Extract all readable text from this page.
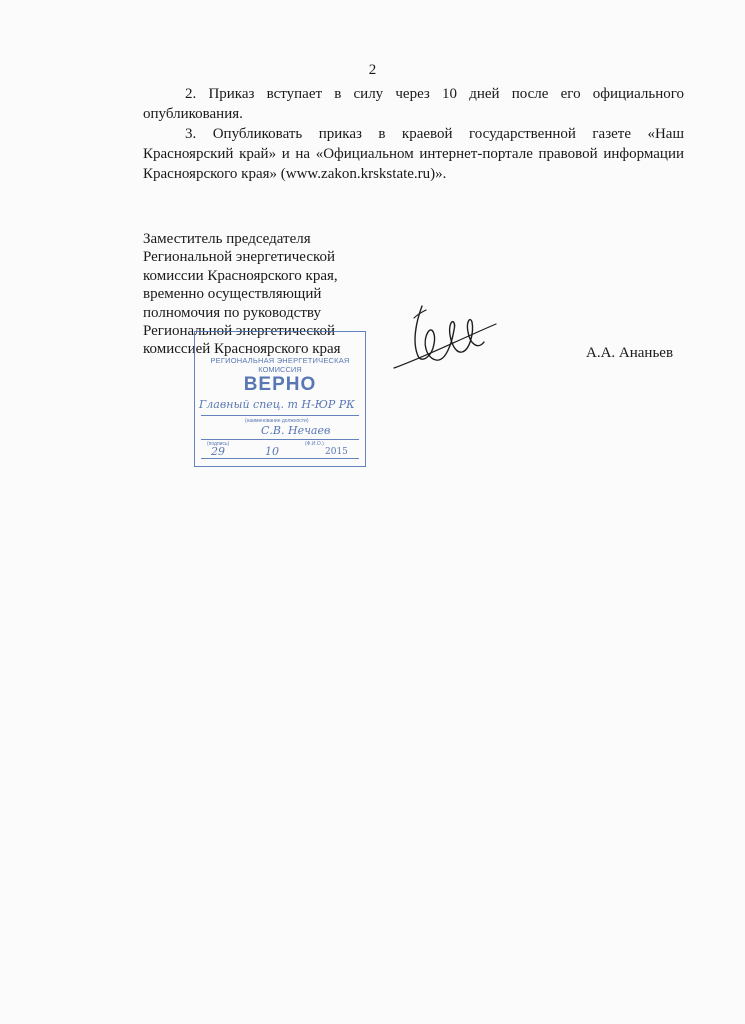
2

2. Приказ вступает в силу через 10 дней после его официального опубликования.

3. Опубликовать приказ в краевой государственной газете «Наш Красноярский край» и на «Официальном интернет-портале правовой информации Красноярского края» (www.zakon.krskstate.ru)».

Заместитель председателя
Региональной энергетической
комиссии Красноярского края,
временно осуществляющий
полномочия по руководству
Региональной энергетической
комиссией Красноярского края
РЕГИОНАЛЬНАЯ ЭНЕРГЕТИЧЕСКАЯ
КОМИССИЯ
ВЕРНО
Главный спец. т Н-ЮР РК
(наименование должности)
С.В. Нечаев
(подпись)	(Ф.И.О.)
29	10	2015
А.А. Ананьев
